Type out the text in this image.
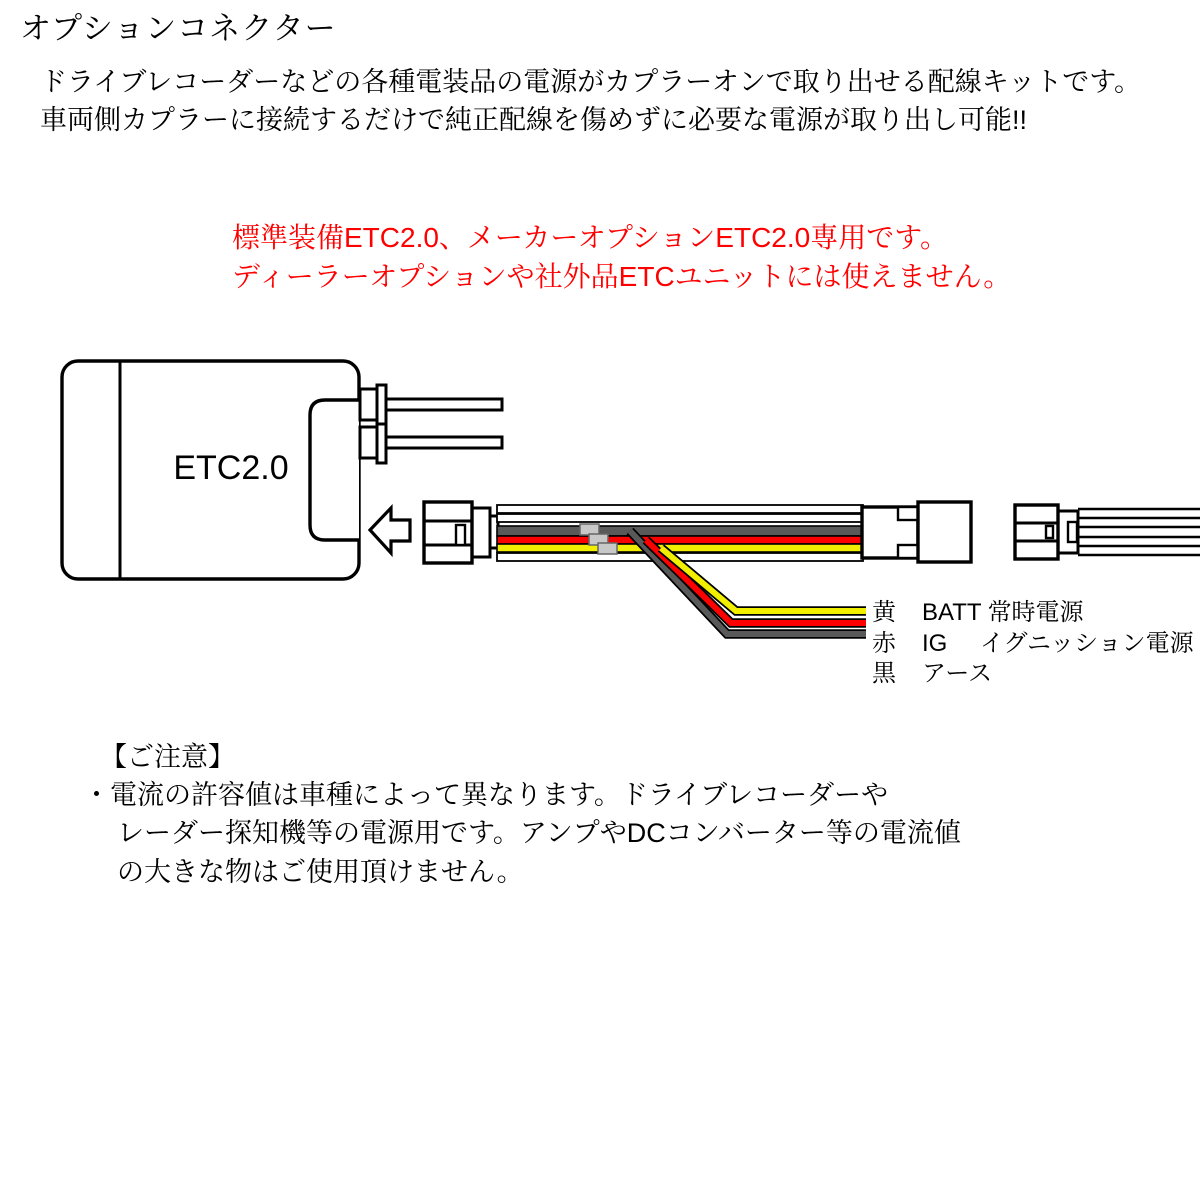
オプションコネクター
ドライブレコーダーなどの各種電装品の電源がカプラーオンで取り出せる配線キットです。
車両側カプラーに接続するだけで純正配線を傷めずに必要な電源が取り出し可能!!
標準装備ETC2.0、メーカーオプションETC2.0専用です。
ディーラーオプションや社外品ETCユニットには使えません。
ETC2.0
黄 BATT 常時電源
赤 IG イグニッション電源
黒 アース
【ご注意】
・電流の許容値は車種によって異なります。ドライブレコーダーや
レーダー探知機等の電源用です。アンプやDCコンバーター等の電流値
の大きな物はご使用頂けません。
